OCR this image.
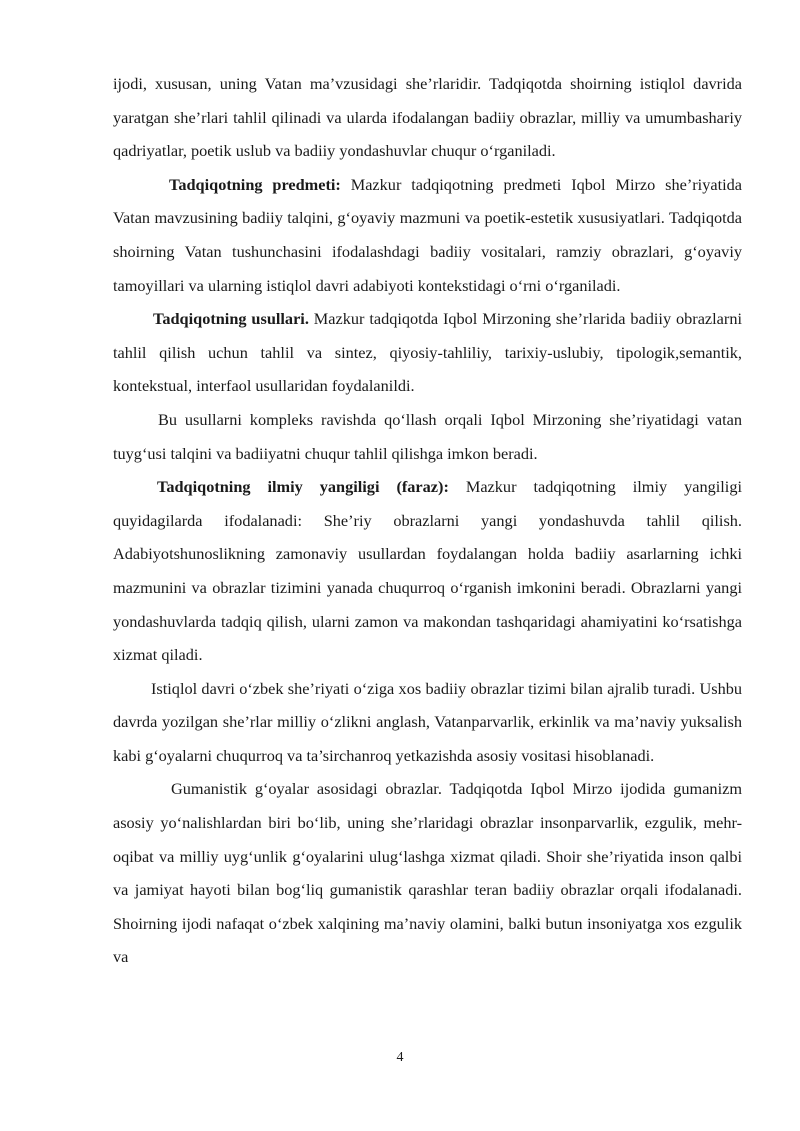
ijodi, xususan, uning Vatan ma’vzusidagi she’rlaridir. Tadqiqotda shoirning istiqlol davrida yaratgan she’rlari tahlil qilinadi va ularda ifodalangan badiiy obrazlar, milliy va umumbashariy qadriyatlar, poetik uslub va badiiy yondashuvlar chuqur o‘rganiladi.

Tadqiqotning predmeti: Mazkur tadqiqotning predmeti Iqbol Mirzo she’riyatida Vatan mavzusining badiiy talqini, g‘oyaviy mazmuni va poetik-estetik xususiyatlari. Tadqiqotda shoirning Vatan tushunchasini ifodalashdagi badiiy vositalari, ramziy obrazlari, g‘oyaviy tamoyillari va ularning istiqlol davri adabiyoti kontekstidagi o‘rni o‘rganiladi.

Tadqiqotning usullari. Mazkur tadqiqotda Iqbol Mirzoning she’rlarida badiiy obrazlarni tahlil qilish uchun tahlil va sintez, qiyosiy-tahliliy, tarixiy-uslubiy, tipologik,semantik, kontekstual, interfaol usullaridan foydalanildi.

Bu usullarni kompleks ravishda qo‘llash orqali Iqbol Mirzoning she’riyatidagi vatan tuyg‘usi talqini va badiiyatni chuqur tahlil qilishga imkon beradi.

Tadqiqotning ilmiy yangiligi (faraz): Mazkur tadqiqotning ilmiy yangiligi quyidagilarda ifodalanadi: She’riy obrazlarni yangi yondashuvda tahlil qilish. Adabiyotshunoslikning zamonaviy usullardan foydalangan holda badiiy asarlarning ichki mazmunini va obrazlar tizimini yanada chuqurroq o‘rganish imkonini beradi. Obrazlarni yangi yondashuvlarda tadqiq qilish, ularni zamon va makondan tashqaridagi ahamiyatini ko‘rsatishga xizmat qiladi.

Istiqlol davri o‘zbek she’riyati o‘ziga xos badiiy obrazlar tizimi bilan ajralib turadi. Ushbu davrda yozilgan she’rlar milliy o‘zlikni anglash, Vatanparvarlik, erkinlik va ma’naviy yuksalish kabi g‘oyalarni chuqurroq va ta’sirchanroq yetkazishda asosiy vositasi hisoblanadi.

Gumanistik g‘oyalar asosidagi obrazlar. Tadqiqotda Iqbol Mirzo ijodida gumanizm asosiy yo‘nalishlardan biri bo‘lib, uning she’rlaridagi obrazlar insonparvarlik, ezgulik, mehr-oqibat va milliy uyg‘unlik g‘oyalarini ulug‘lashga xizmat qiladi. Shoir she’riyatida inson qalbi va jamiyat hayoti bilan bog‘liq gumanistik qarashlar teran badiiy obrazlar orqali ifodalanadi. Shoirning ijodi nafaqat o‘zbek xalqining ma’naviy olamini, balki butun insoniyatga xos ezgulik va

4
